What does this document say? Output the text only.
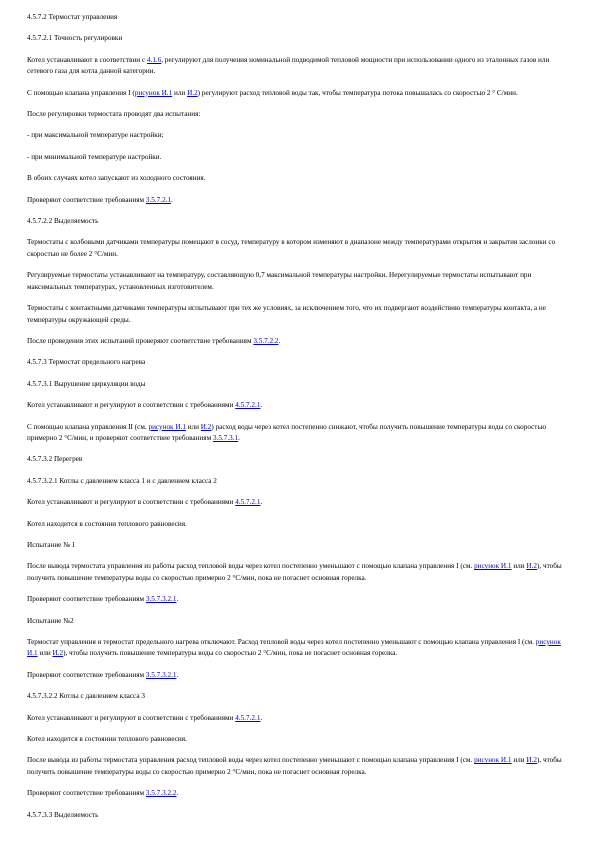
4.5.7.2 Термостат управления

4.5.7.2.1 Точность регулировки

Котел устанавливают в соответствии с 4.1.6, регулируют для получения номинальной подводимой тепловой мощности при использовании одного из эталонных газов или сетевого газа для котла данной категории.

С помощью клапана управления I (рисунок И.1 или И.2) регулируют расход тепловой воды так, чтобы температура потока повышалась со скоростью 2 ° С/мин.

После регулировки термостата проводят два испытания:

- при максимальной температуре настройки;

- при минимальной температуре настройки.

В обоих случаях котел запускают из холодного состояния.

Проверяют соответствие требованиям 3.5.7.2.1.

4.5.7.2.2 Выделяемость

Термостаты с колбовыми датчиками температуры помещают в сосуд, температуру в котором изменяют в диапазоне между температурами открытия и закрытия заслонки со скоростью не более 2 °С/мин.

Регулируемые термостаты устанавливают на температуру, составляющую 0,7 максимальной температуры настройки. Нерегулируемые термостаты испытывают при максимальных температурах, установленных изготовителем.

Термостаты с контактными датчиками температуры испытывают при тех же условиях, за исключением того, что их подвергают воздействию температуры контакта, а не температуры окружающей среды.

После проведения этих испытаний проверяют соответствие требованиям 3.5.7.2.2.

4.5.7.3 Термостат предельного нагрева

4.5.7.3.1 Вырушение циркуляции воды

Котел устанавливают и регулируют в соответствии с требованиями 4.5.7.2.1.

С помощью клапана управления II (см. рисунок И.1 или И.2) расход воды через котел постепенно снижают, чтобы получить повышение температуры воды со скоростью примерно 2 °С/мин, и проверяют соответствие требованиям 3.5.7.3.1.

4.5.7.3.2 Перегрев

4.5.7.3.2.1 Котлы с давлением класса 1 и с давлением класса 2

Котел устанавливают и регулируют в соответствии с требованиями 4.5.7.2.1.

Котел находится в состоянии теплового равновесия.

Испытание № 1

После вывода термостата управления из работы расход тепловой воды через котел постепенно уменьшают с помощью клапана управления I (см. рисунок И.1 или И.2), чтобы получить повышение температуры воды со скоростью примерно 2 °С/мин, пока не погаснет основная горелка.

Проверяют соответствие требованиям 3.5.7.3.2.1.

Испытание №2

Термостат управления и термостат предельного нагрева отключают. Расход тепловой воды через котел постепенно уменьшают с помощью клапана управления I (см. рисунок И.1 или И.2), чтобы получить повышение температуры воды со скоростью 2 °С/мин, пока не погаснет основная горелка.

Проверяют соответствие требованиям 3.5.7.3.2.1.

4.5.7.3.2.2 Котлы с давлением класса 3

Котел устанавливают и регулируют в соответствии с требованиями 4.5.7.2.1.

Котел находится в состоянии теплового равновесия.

После вывода из работы термостата управления расход тепловой воды через котел постепенно уменьшают с помощью клапана управления I (см. рисунок И.1 или И.2), чтобы получить повышение температуры воды со скоростью примерно 2 °С/мин, пока не погаснет основная горелка.

Проверяют соответствие требованиям 3.5.7.3.2.2.

4.5.7.3.3 Выделяемость
